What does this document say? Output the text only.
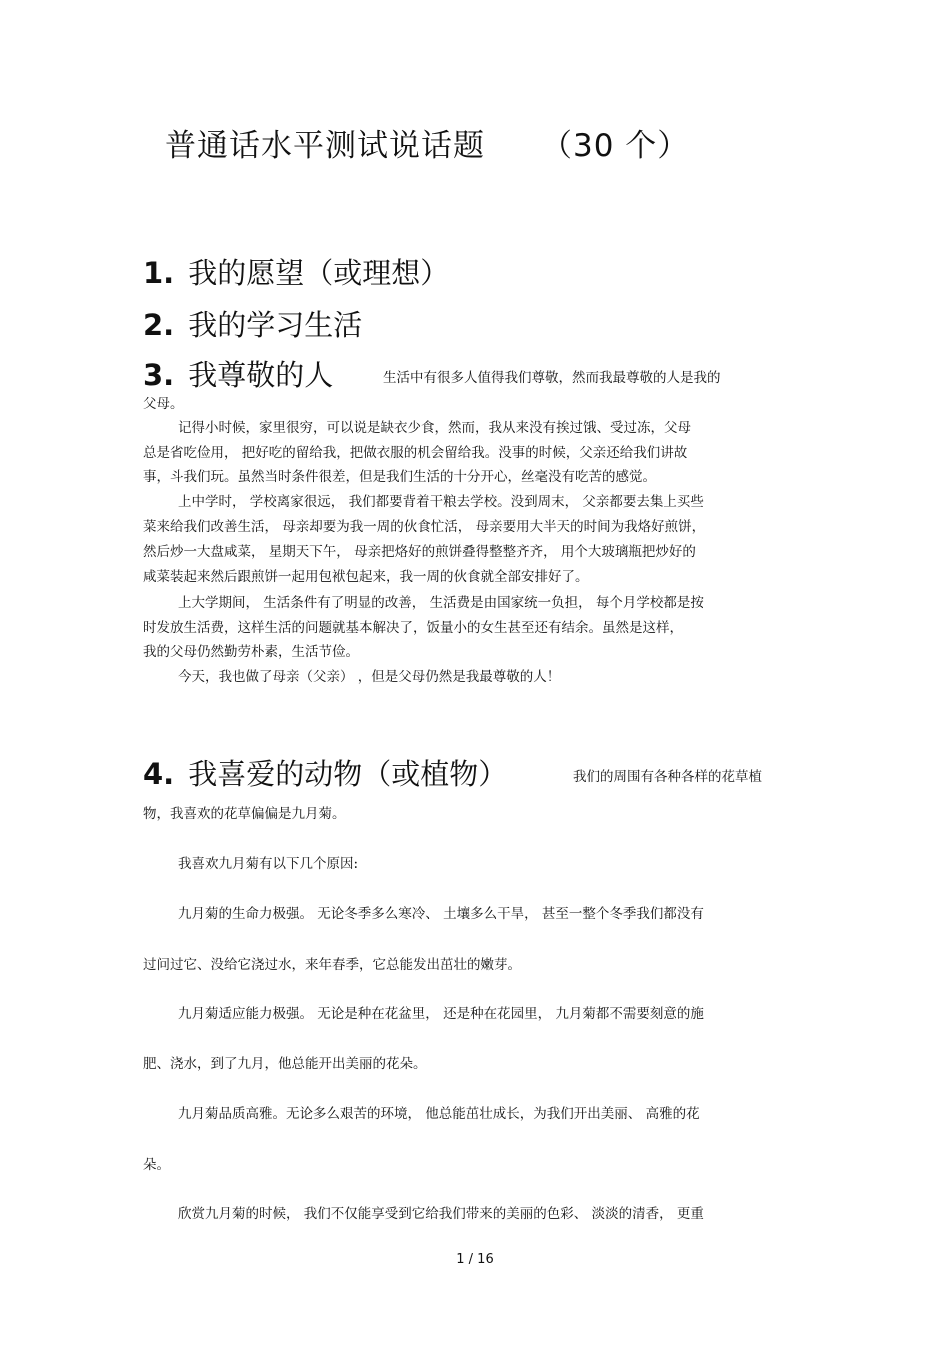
普通话水平测试说话题 （30 个）
1. 我的愿望（或理想）
2. 我的学习生活
3. 我尊敬的人	生活中有很多人值得我们尊敬，然而我最尊敬的人是我的
父母。
记得小时候，家里很穷，可以说是缺衣少食，然而，我从来没有挨过饿、受过冻，父母
总是省吃俭用， 把好吃的留给我，把做衣服的机会留给我。没事的时候，父亲还给我们讲故
事，斗我们玩。虽然当时条件很差，但是我们生活的十分开心，丝毫没有吃苦的感觉。
上中学时， 学校离家很远， 我们都要背着干粮去学校。没到周末， 父亲都要去集上买些
菜来给我们改善生活， 母亲却要为我一周的伙食忙活， 母亲要用大半天的时间为我烙好煎饼，
然后炒一大盘咸菜， 星期天下午， 母亲把烙好的煎饼叠得整整齐齐， 用个大玻璃瓶把炒好的
咸菜装起来然后跟煎饼一起用包袱包起来，我一周的伙食就全部安排好了。
上大学期间， 生活条件有了明显的改善， 生活费是由国家统一负担， 每个月学校都是按
时发放生活费，这样生活的问题就基本解决了，饭量小的女生甚至还有结余。虽然是这样，
我的父母仍然勤劳朴素，生活节俭。
今天，我也做了母亲（父亲） ，但是父母仍然是我最尊敬的人！
4. 我喜爱的动物（或植物）	我们的周围有各种各样的花草植
物，我喜欢的花草偏偏是九月菊。
我喜欢九月菊有以下几个原因:
九月菊的生命力极强。 无论冬季多么寒冷、 土壤多么干旱， 甚至一整个冬季我们都没有
过问过它、没给它浇过水，来年春季，它总能发出茁壮的嫩芽。
九月菊适应能力极强。 无论是种在花盆里， 还是种在花园里， 九月菊都不需要刻意的施
肥、浇水，到了九月，他总能开出美丽的花朵。
九月菊品质高雅。无论多么艰苦的环境， 他总能茁壮成长，为我们开出美丽、 高雅的花
朵。
欣赏九月菊的时候， 我们不仅能享受到它给我们带来的美丽的色彩、 淡淡的清香， 更重
1 / 16
